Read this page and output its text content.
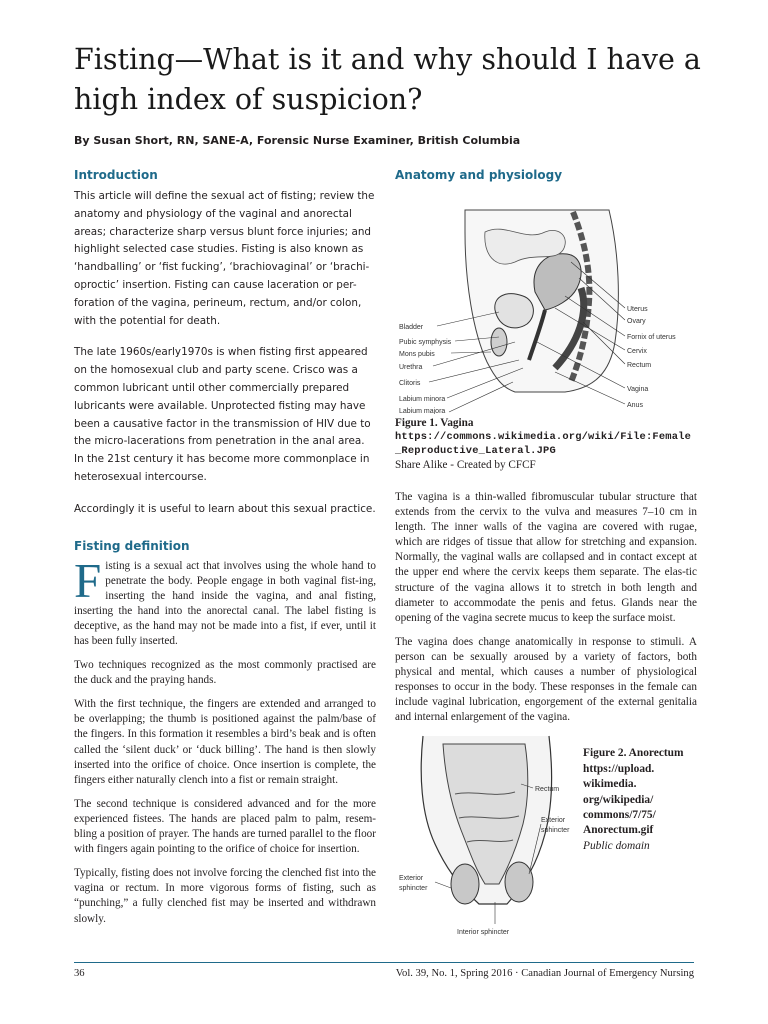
Fisting—What is it and why should I have a high index of suspicion?
By Susan Short, RN, SANE-A, Forensic Nurse Examiner, British Columbia
Introduction

This article will define the sexual act of fisting; review the anatomy and physiology of the vaginal and anorectal areas; characterize sharp versus blunt force injuries; and highlight selected case studies. Fisting is also known as ‘handballing’ or ‘fist fucking’, ‘brachiovaginal’ or ‘brachi-oproctic’ insertion. Fisting can cause laceration or per-foration of the vagina, perineum, rectum, and/or colon, with the potential for death.

The late 1960s/early1970s is when fisting first appeared on the homosexual club and party scene. Crisco was a common lubricant until other commercially prepared lubricants were available. Unprotected fisting may have been a causative factor in the transmission of HIV due to the micro-lacerations from penetration in the anal area. In the 21st century it has become more commonplace in heterosexual intercourse.

Accordingly it is useful to learn about this sexual practice.

Fisting definition

Fisting is a sexual act that involves using the whole hand to penetrate the body. People engage in both vaginal fist-ing, inserting the hand inside the vagina, and anal fisting, inserting the hand into the anorectal canal. The label fisting is deceptive, as the hand may not be made into a fist, if ever, until it has been fully inserted.

Two techniques recognized as the most commonly practised are the duck and the praying hands.

With the first technique, the fingers are extended and arranged to be overlapping; the thumb is positioned against the palm/base of the fingers. In this formation it resembles a bird’s beak and is often called the ‘silent duck’ or ‘duck billing’. The hand is then slowly inserted into the orifice of choice. Once insertion is complete, the fingers either naturally clench into a fist or remain straight.

The second technique is considered advanced and for the more experienced fistees. The hands are placed palm to palm, resem-bling a position of prayer. The hands are turned parallel to the floor with fingers again pointing to the orifice of choice for insertion.

Typically, fisting does not involve forcing the clenched fist into the vagina or rectum. In more vigorous forms of fisting, such as “punching,” a fully clenched fist may be inserted and withdrawn slowly.

Anatomy and physiology
Uterus
Ovary
Fornix of uterus
Cervix
Rectum
Vagina
Anus
Bladder
Pubic symphysis
Mons pubis
Urethra
Clitoris
Labium minora
Labium majora
Figure 1. Vagina
https://commons.wikimedia.org/wiki/File:Female_Reproductive_Lateral.JPG
Share Alike - Created by CFCF

The vagina is a thin-walled fibromuscular tubular structure that extends from the cervix to the vulva and measures 7–10 cm in length. The inner walls of the vagina are covered with rugae, which are ridges of tissue that allow for stretching and expansion. Normally, the vaginal walls are collapsed and in contact except at the upper end where the cervix keeps them separate. The elas-tic structure of the vagina allows it to stretch in both length and diameter to accommodate the penis and fetus. Glands near the opening of the vagina secrete mucus to keep the surface moist.

The vagina does change anatomically in response to stimuli. A person can be sexually aroused by a variety of factors, both physical and mental, which causes a number of physiological responses to occur in the body. These responses in the female can include vaginal lubrication, engorgement of the external genitalia and internal enlargement of the vagina.

Rectum
Exterior
sphincter
Exterior
sphincter
Interior sphincter
Figure 2. Anorectum https://upload. wikimedia. org/wikipedia/ commons/7/75/ Anorectum.gif
Public domain
36	Vol. 39, No. 1, Spring 2016 · Canadian Journal of Emergency Nursing
